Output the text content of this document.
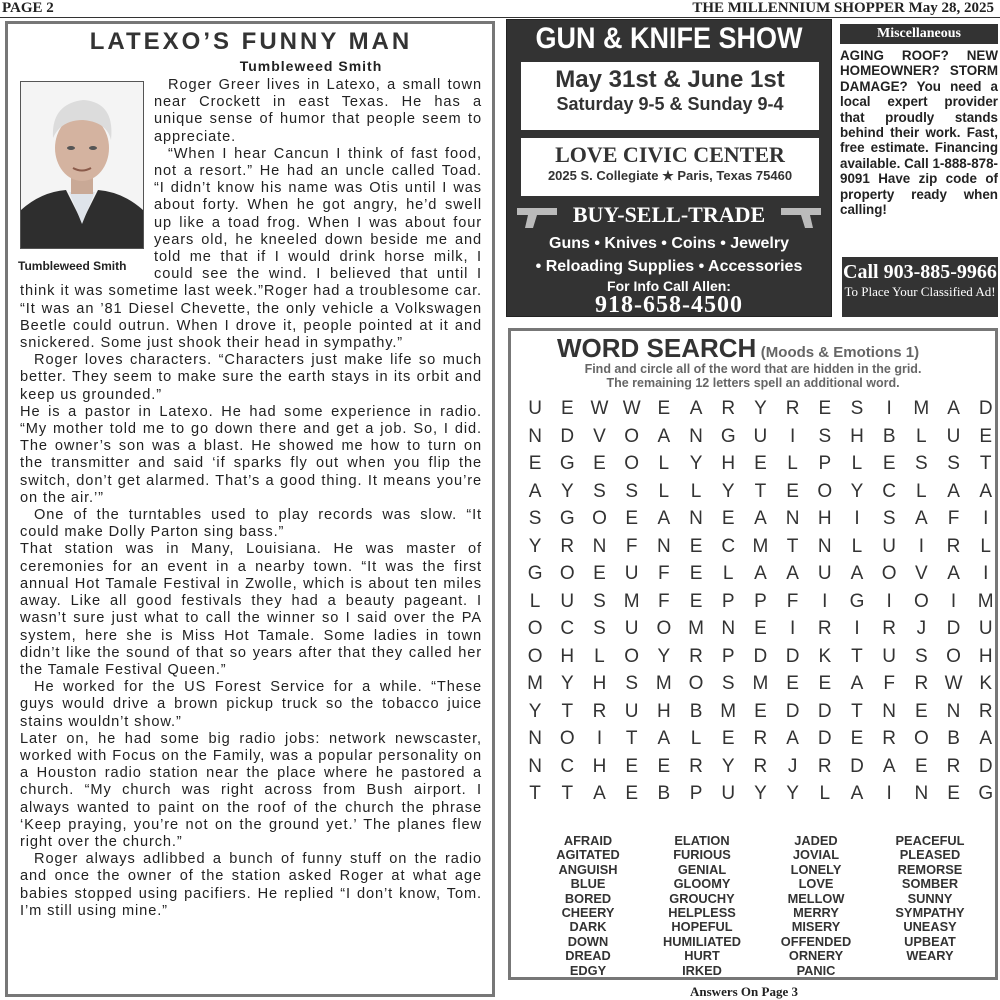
PAGE 2	THE MILLENNIUM SHOPPER May 28, 2025
LATEXO’S FUNNY MAN
Tumbleweed Smith
Tumbleweed Smith

Roger Greer lives in Latexo, a small town near Crockett in east Texas. He has a unique sense of humor that people seem to appreciate.

“When I hear Cancun I think of fast food, not a resort.” He had an uncle called Toad. “I didn’t know his name was Otis until I was about forty. When he got angry, he’d swell up like a toad frog. When I was about four years old, he kneeled down beside me and told me that if I would drink horse milk, I could see the wind. I believed that until I think it was sometime last week.”Roger had a troublesome car. “It was an ’81 Diesel Chevette, the only vehicle a Volkswagen Beetle could outrun. When I drove it, people pointed at it and snickered. Some just shook their head in sympathy.”

Roger loves characters. “Characters just make life so much better. They seem to make sure the earth stays in its orbit and keep us grounded.”

He is a pastor in Latexo. He had some experience in radio. “My mother told me to go down there and get a job. So, I did. The owner’s son was a blast. He showed me how to turn on the transmitter and said ‘if sparks fly out when you flip the switch, don’t get alarmed. That’s a good thing. It means you’re on the air.’”

One of the turntables used to play records was slow. “It could make Dolly Parton sing bass.”

That station was in Many, Louisiana. He was master of ceremonies for an event in a nearby town. “It was the first annual Hot Tamale Festival in Zwolle, which is about ten miles away. Like all good festivals they had a beauty pageant. I wasn’t sure just what to call the winner so I said over the PA system, here she is Miss Hot Tamale. Some ladies in town didn’t like the sound of that so years after that they called her the Tamale Festival Queen.”

He worked for the US Forest Service for a while. “These guys would drive a brown pickup truck so the tobacco juice stains wouldn’t show.”

Later on, he had some big radio jobs: network newscaster, worked with Focus on the Family, was a popular personality on a Houston radio station near the place where he pastored a church. “My church was right across from Bush airport. I always wanted to paint on the roof of the church the phrase ‘Keep praying, you’re not on the ground yet.’ The planes flew right over the church.”

Roger always adlibbed a bunch of funny stuff on the radio and once the owner of the station asked Roger at what age babies stopped using pacifiers. He replied “I don’t know, Tom. I’m still using mine.”

GUN & KNIFE SHOW
May 31st & June 1st
Saturday 9-5 & Sunday 9-4
LOVE CIVIC CENTER
2025 S. Collegiate ★ Paris, Texas 75460
BUY-SELL-TRADE
Guns • Knives • Coins • Jewelry
• Reloading Supplies • Accessories
For Info Call Allen:
918-658-4500
Miscellaneous
AGING ROOF? NEW HOMEOWNER? STORM DAMAGE? You need a local expert provider that proudly stands behind their work. Fast, free estimate. Financing available. Call 1-888-878-9091 Have zip code of property ready when calling!
Call 903-885-9966
To Place Your Classified Ad!
WORD SEARCH (Moods & Emotions 1)
Find and circle all of the word that are hidden in the grid.
The remaining 12 letters spell an additional word.
U E W W E	A R Y R E	S	I	M A D
N D V O A N G U	I	S H B	L	U E
E G E O	L	Y H E	L	P	L	E	S	S	T
A	Y	S	S	L	L	Y	T	E O Y C	L	A	A
S G O E	A N E	A N H	I	S	A	F	I
Y R N	F	N E C M T	N	L	U	I	R	L
G O E U	F	E	L	A	A U A O V	A	I
L	U S M F	E	P	P	F	I	G	I	O	I	M
O C S U O M N E	I	R	I	R	J	D U
O H	L	O Y R P D D K	T	U S O H
M Y H S M O S M E	E	A	F	R W K
Y	T	R U H B M E D D	T	N E N R
N O	I	T	A	L	E R A D E R O B	A
N C H E	E R Y R	J	R D A	E R D
T	T	A	E	B	P U Y	Y	L	A	I	N E G
AFRAID
AGITATED
ANGUISH
BLUE
BORED
CHEERY
DARK
DOWN
DREAD
EDGY
ELATION
FURIOUS
GENIAL
GLOOMY
GROUCHY
HELPLESS
HOPEFUL
HUMILIATED
HURT
IRKED
JADED
JOVIAL
LONELY
LOVE
MELLOW
MERRY
MISERY
OFFENDED
ORNERY
PANIC
PEACEFUL
PLEASED
REMORSE
SOMBER
SUNNY
SYMPATHY
UNEASY
UPBEAT
WEARY
Answers On Page 3
